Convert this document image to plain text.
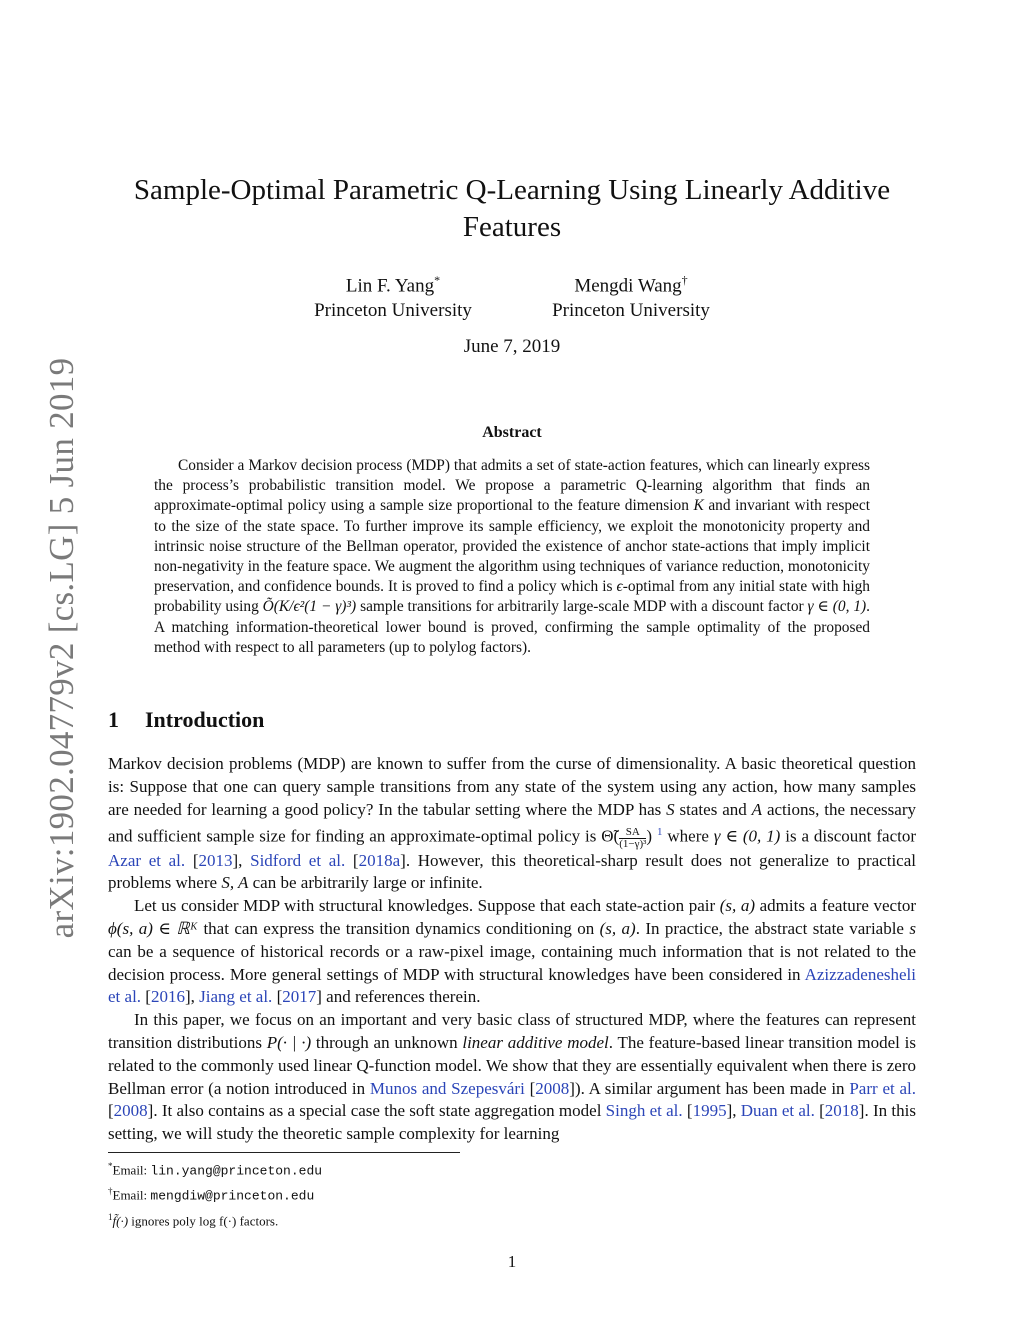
arXiv:1902.04779v2 [cs.LG] 5 Jun 2019
Sample-Optimal Parametric Q-Learning Using Linearly Additive Features
Lin F. Yang*
Princeton University
Mengdi Wang†
Princeton University
June 7, 2019
Abstract

Consider a Markov decision process (MDP) that admits a set of state-action features, which can linearly express the process’s probabilistic transition model. We propose a parametric Q-learning algorithm that finds an approximate-optimal policy using a sample size proportional to the feature dimension K and invariant with respect to the size of the state space. To further improve its sample efficiency, we exploit the monotonicity property and intrinsic noise structure of the Bellman operator, provided the existence of anchor state-actions that imply implicit non-negativity in the feature space. We augment the algorithm using techniques of variance reduction, monotonicity preservation, and confidence bounds. It is proved to find a policy which is ϵ-optimal from any initial state with high probability using Õ(K/ϵ²(1 − γ)³) sample transitions for arbitrarily large-scale MDP with a discount factor γ ∈ (0, 1). A matching information-theoretical lower bound is proved, confirming the sample optimality of the proposed method with respect to all parameters (up to polylog factors).

1 Introduction

Markov decision problems (MDP) are known to suffer from the curse of dimensionality. A basic theoretical question is: Suppose that one can query sample transitions from any state of the system using any action, how many samples are needed for learning a good policy? In the tabular setting where the MDP has S states and A actions, the necessary and sufficient sample size for finding an approximate-optimal policy is Θ̃( $\frac{SA}{\text{(1−γ)³}}$ ) $^1$ where γ ∈ (0, 1) is a discount factor Azar et al. [2013], Sidford et al. [2018a]. However, this theoretical-sharp result does not generalize to practical problems where S, A can be arbitrarily large or infinite.

Let us consider MDP with structural knowledges. Suppose that each state-action pair (s, a) admits a feature vector ϕ(s, a) ∈ ℝᴷ that can express the transition dynamics conditioning on (s, a). In practice, the abstract state variable s can be a sequence of historical records or a raw-pixel image, containing much information that is not related to the decision process. More general settings of MDP with structural knowledges have been considered in Azizzadenesheli et al. [2016], Jiang et al. [2017] and references therein.

In this paper, we focus on an important and very basic class of structured MDP, where the features can represent transition distributions P(· | ·) through an unknown linear additive model. The feature-based linear transition model is related to the commonly used linear Q-function model. We show that they are essentially equivalent when there is zero Bellman error (a notion introduced in Munos and Szepesvári [2008]). A similar argument has been made in Parr et al. [2008]. It also contains as a special case the soft state aggregation model Singh et al. [1995], Duan et al. [2018]. In this setting, we will study the theoretic sample complexity for learning

*Email: lin.yang@princeton.edu
†Email: mengdiw@princeton.edu
$^1$f̃(·) ignores poly log f(·) factors.
1
